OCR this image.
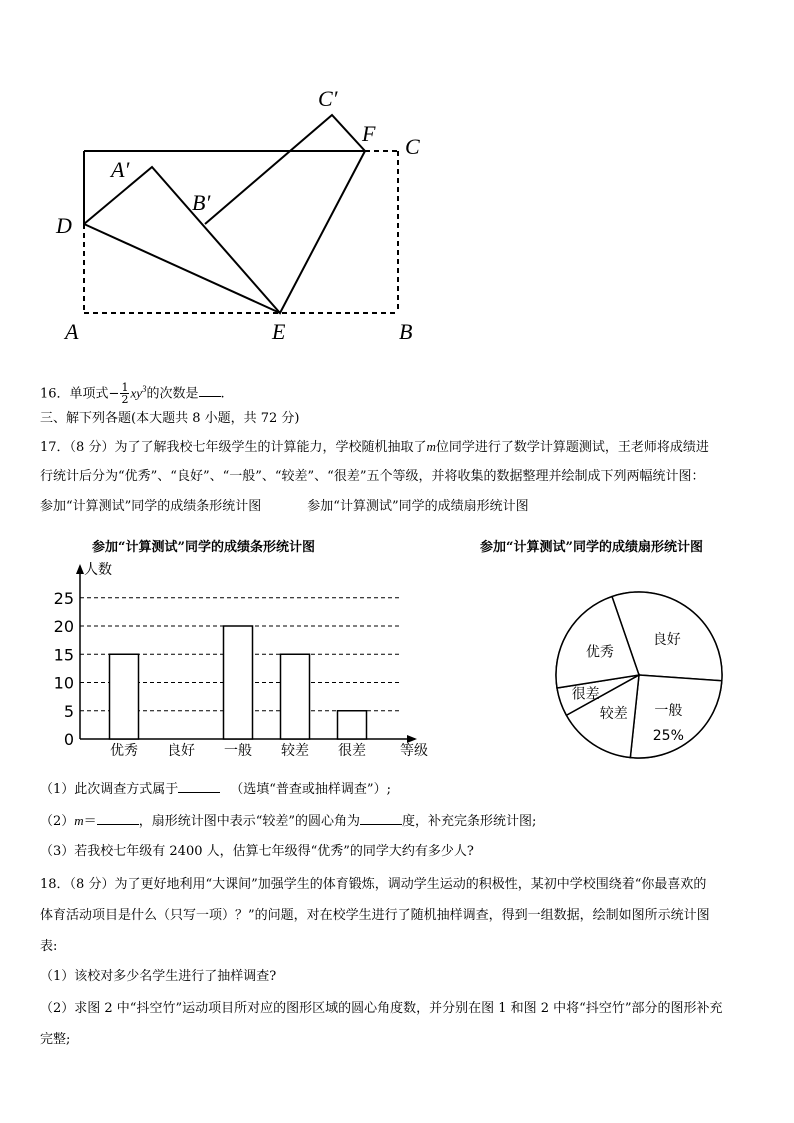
C′
F
C
A′
B′
D
A	E	B
16．单项式− $\frac{1}{2} xy^3$的次数是 .
三、解下列各题(本大题共 8 小题，共 72 分)
17．（8 分）为了了解我校七年级学生的计算能力，学校随机抽取了m位同学进行了数学计算题测试，王老师将成绩进
行统计后分为“优秀”、“良好”、“一般”、“较差”、“很差”五个等级，并将收集的数据整理并绘制成下列两幅统计图：
参加“计算测试”同学的成绩条形统计图	参加“计算测试”同学的成绩扇形统计图
参加“计算测试”同学的成绩条形统计图	参加“计算测试”同学的成绩扇形统计图
0
5
10
15
20
25
人数
等级
优秀 良好 一般 较差 很差
良好
一般
25%
较差
很差
优秀
（1）此次调查方式属于	（选填“普查或抽样调查”）;
（2）m＝	，扇形统计图中表示“较差”的圆心角为	度，补充完条形统计图;
（3）若我校七年级有 2400 人，估算七年级得“优秀”的同学大约有多少人?
18．（8 分）为了更好地利用“大课间”加强学生的体育锻炼，调动学生运动的积极性，某初中学校围绕着“你最喜欢的
体育活动项目是什么（只写一项）？”的问题，对在校学生进行了随机抽样调查，得到一组数据，绘制如图所示统计图
表:
（1）该校对多少名学生进行了抽样调查?
（2）求图 2 中“抖空竹”运动项目所对应的图形区域的圆心角度数，并分别在图 1 和图 2 中将“抖空竹”部分的图形补充
完整;
